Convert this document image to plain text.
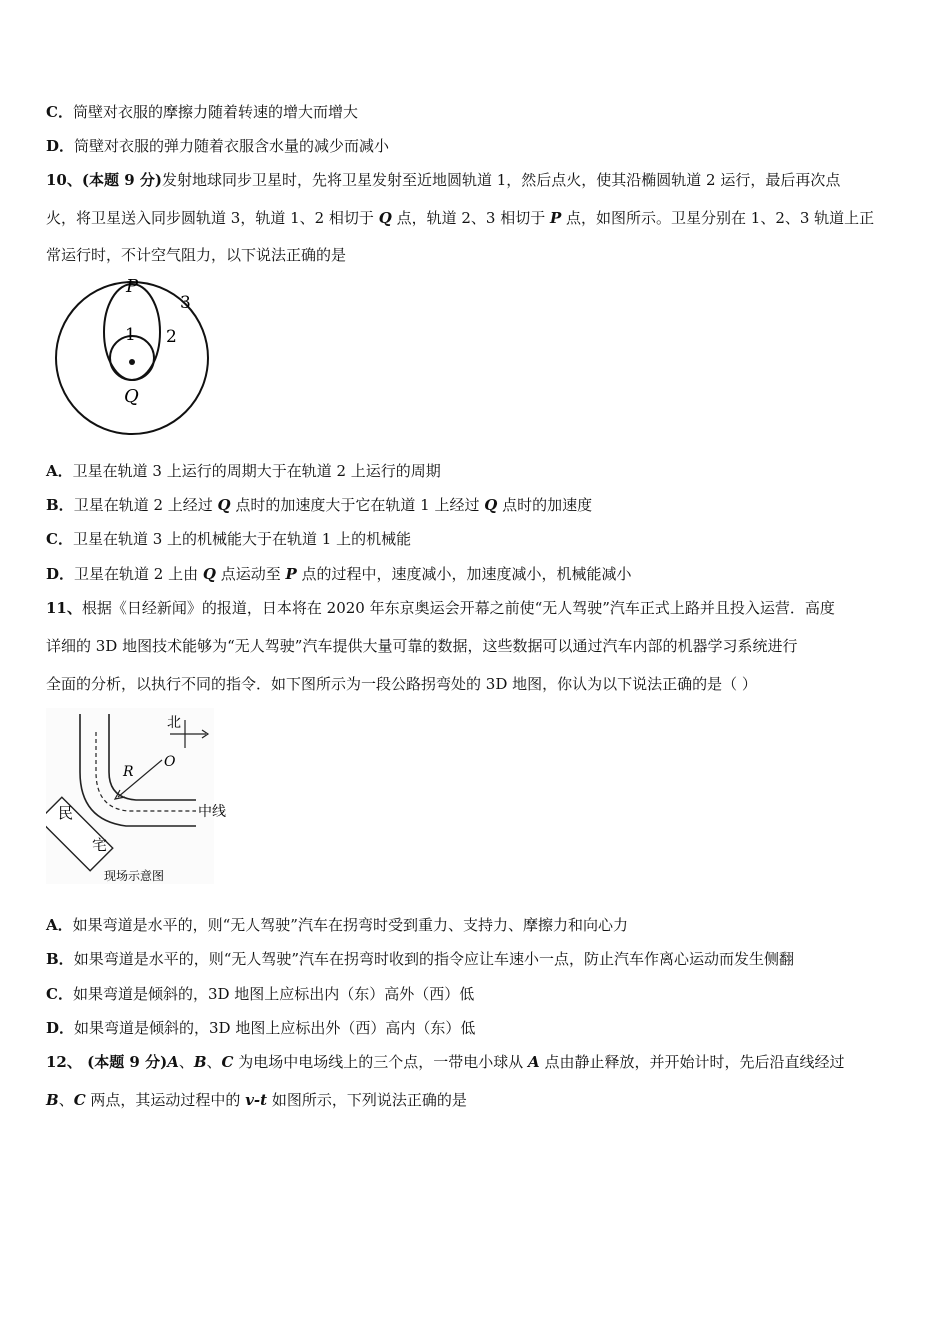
C．筒壁对衣服的摩擦力随着转速的增大而增大
D．筒壁对衣服的弹力随着衣服含水量的减少而减小
10、(本题 9 分)发射地球同步卫星时，先将卫星发射至近地圆轨道 1，然后点火，使其沿椭圆轨道 2 运行，最后再次点
火，将卫星送入同步圆轨道 3，轨道 1、2 相切于 Q 点，轨道 2、3 相切于 P 点，如图所示。卫星分别在 1、2、3 轨道上正
常运行时，不计空气阻力，以下说法正确的是
P
Q
1 2
3
A．卫星在轨道 3 上运行的周期大于在轨道 2 上运行的周期
B．卫星在轨道 2 上经过 Q 点时的加速度大于它在轨道 1 上经过 Q 点时的加速度
C．卫星在轨道 3 上的机械能大于在轨道 1 上的机械能
D．卫星在轨道 2 上由 Q 点运动至 P 点的过程中，速度减小，加速度减小，机械能减小
11、根据《日经新闻》的报道，日本将在 2020 年东京奥运会开幕之前使“无人驾驶”汽车正式上路并且投入运营．高度
详细的 3D 地图技术能够为“无人驾驶”汽车提供大量可靠的数据，这些数据可以通过汽车内部的机器学习系统进行
全面的分析，以执行不同的指令．如下图所示为一段公路拐弯处的 3D 地图，你认为以下说法正确的是（ ）
北
O
R
中线
民
宅
现场示意图
A．如果弯道是水平的，则“无人驾驶”汽车在拐弯时受到重力、支持力、摩擦力和向心力
B．如果弯道是水平的，则“无人驾驶”汽车在拐弯时收到的指令应让车速小一点，防止汽车作离心运动而发生侧翻
C．如果弯道是倾斜的，3D 地图上应标出内（东）高外（西）低
D．如果弯道是倾斜的，3D 地图上应标出外（西）高内（东）低
12、 (本题 9 分)A、B、C 为电场中电场线上的三个点，一带电小球从 A 点由静止释放，并开始计时，先后沿直线经过
B、C 两点，其运动过程中的 v-t 如图所示，下列说法正确的是
